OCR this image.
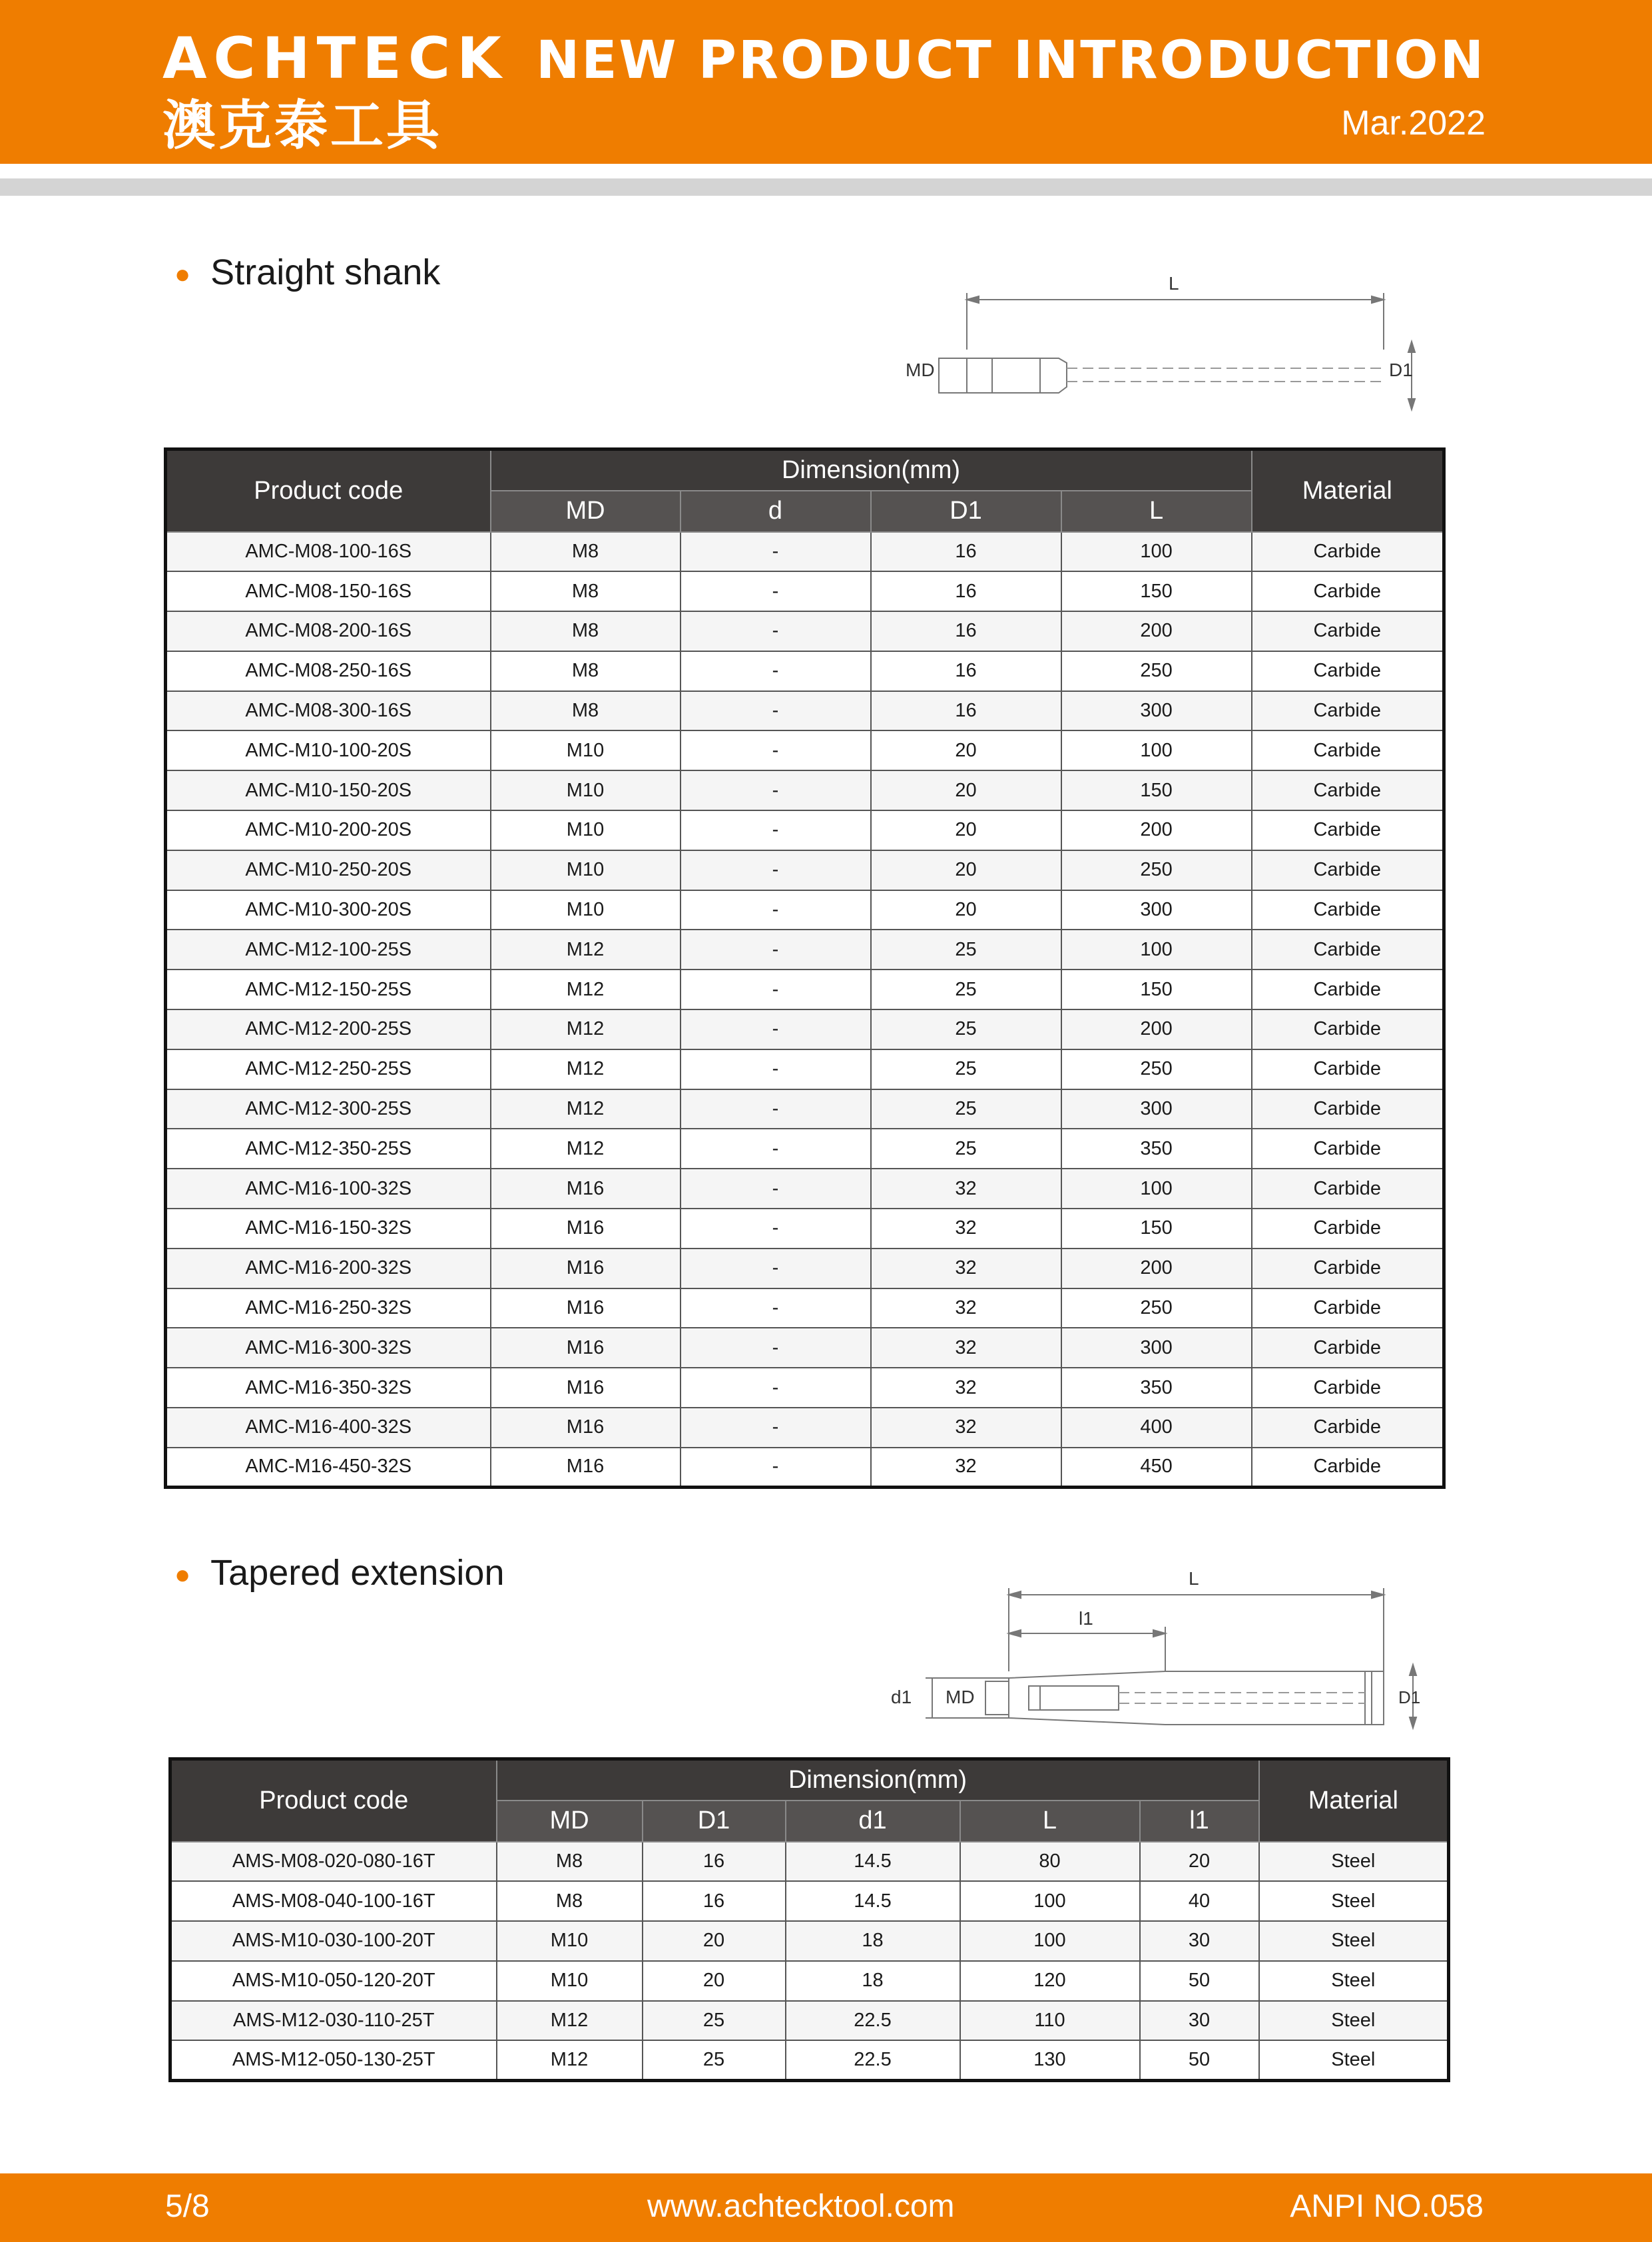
ACHTECK
澳克泰工具
NEW PRODUCT INTRODUCTION
Mar.2022
● Straight shank	L
MD	D1
Product code	Dimension(mm)				Material
	MD	d	D1	L	
AMC-M08-100-16S	M8	-	16	100	Carbide
AMC-M08-150-16S	M8	-	16	150	Carbide
AMC-M08-200-16S	M8	-	16	200	Carbide
AMC-M08-250-16S	M8	-	16	250	Carbide
AMC-M08-300-16S	M8	-	16	300	Carbide
AMC-M10-100-20S	M10	-	20	100	Carbide
AMC-M10-150-20S	M10	-	20	150	Carbide
AMC-M10-200-20S	M10	-	20	200	Carbide
AMC-M10-250-20S	M10	-	20	250	Carbide
AMC-M10-300-20S	M10	-	20	300	Carbide
AMC-M12-100-25S	M12	-	25	100	Carbide
AMC-M12-150-25S	M12	-	25	150	Carbide
AMC-M12-200-25S	M12	-	25	200	Carbide
AMC-M12-250-25S	M12	-	25	250	Carbide
AMC-M12-300-25S	M12	-	25	300	Carbide
AMC-M12-350-25S	M12	-	25	350	Carbide
AMC-M16-100-32S	M16	-	32	100	Carbide
AMC-M16-150-32S	M16	-	32	150	Carbide
AMC-M16-200-32S	M16	-	32	200	Carbide
AMC-M16-250-32S	M16	-	32	250	Carbide
AMC-M16-300-32S	M16	-	32	300	Carbide
AMC-M16-350-32S	M16	-	32	350	Carbide
AMC-M16-400-32S	M16	-	32	400	Carbide
AMC-M16-450-32S	M16	-	32	450	Carbide
● Tapered extension	L
l1
d1 MD	D1
Product code	Dimension(mm)					Material
	MD	D1	d1	L	l1	
AMS-M08-020-080-16T	M8	16	14.5	80	20	Steel
AMS-M08-040-100-16T	M8	16	14.5	100	40	Steel
AMS-M10-030-100-20T	M10	20	18	100	30	Steel
AMS-M10-050-120-20T	M10	20	18	120	50	Steel
AMS-M12-030-110-25T	M12	25	22.5	110	30	Steel
AMS-M12-050-130-25T	M12	25	22.5	130	50	Steel
5/8	www.achtecktool.com	ANPI NO.058
